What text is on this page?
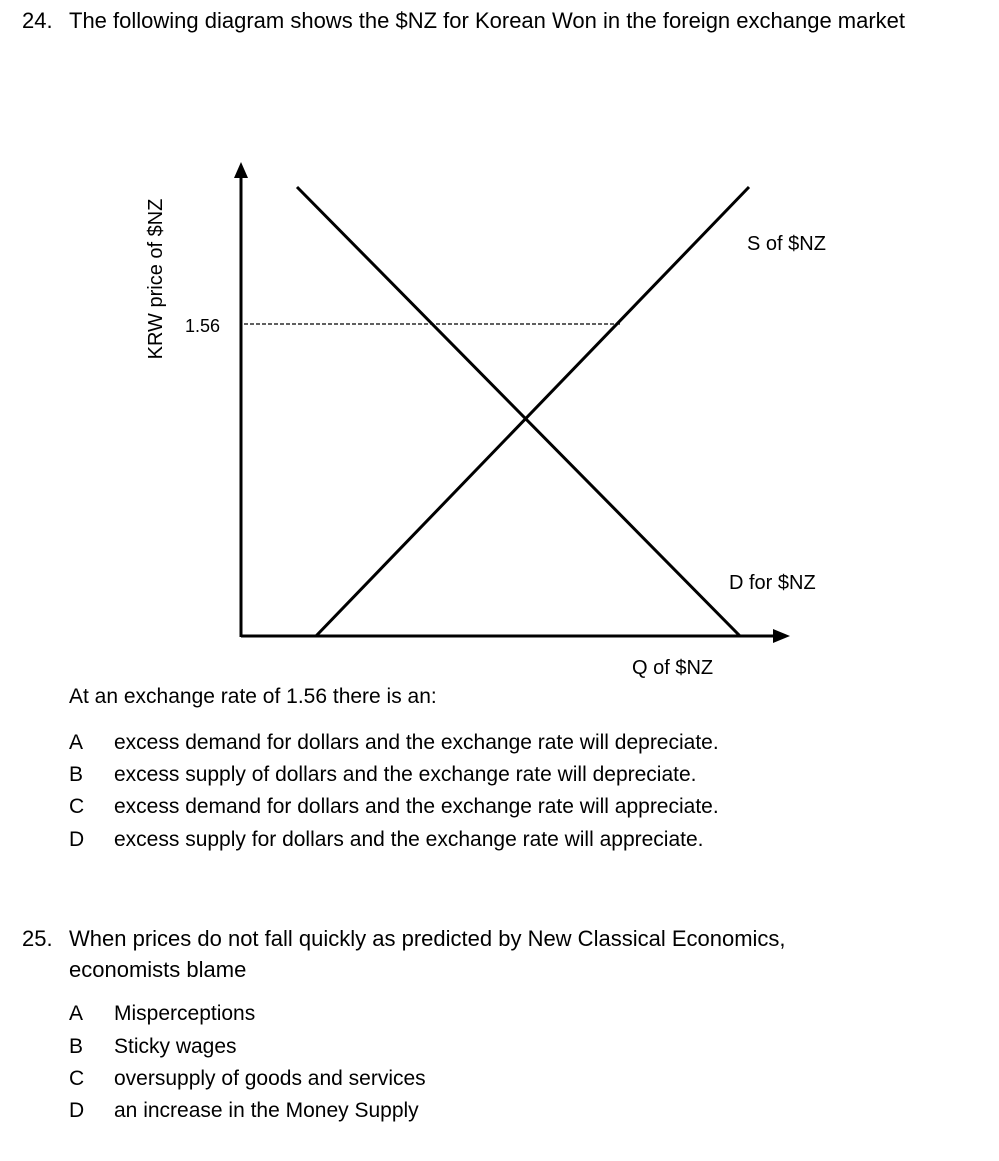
24. The following diagram shows the $NZ for Korean Won in the foreign exchange market
KRW price of $NZ 1.56
S of $NZ
D for $NZ
Q of $NZ
At an exchange rate of 1.56 there is an:
A excess demand for dollars and the exchange rate will depreciate.
B excess supply of dollars and the exchange rate will depreciate.
C excess demand for dollars and the exchange rate will appreciate.
D excess supply for dollars and the exchange rate will appreciate.
25. When prices do not fall quickly as predicted by New Classical Economics,
economists blame
A Misperceptions
B Sticky wages
C oversupply of goods and services
D an increase in the Money Supply
